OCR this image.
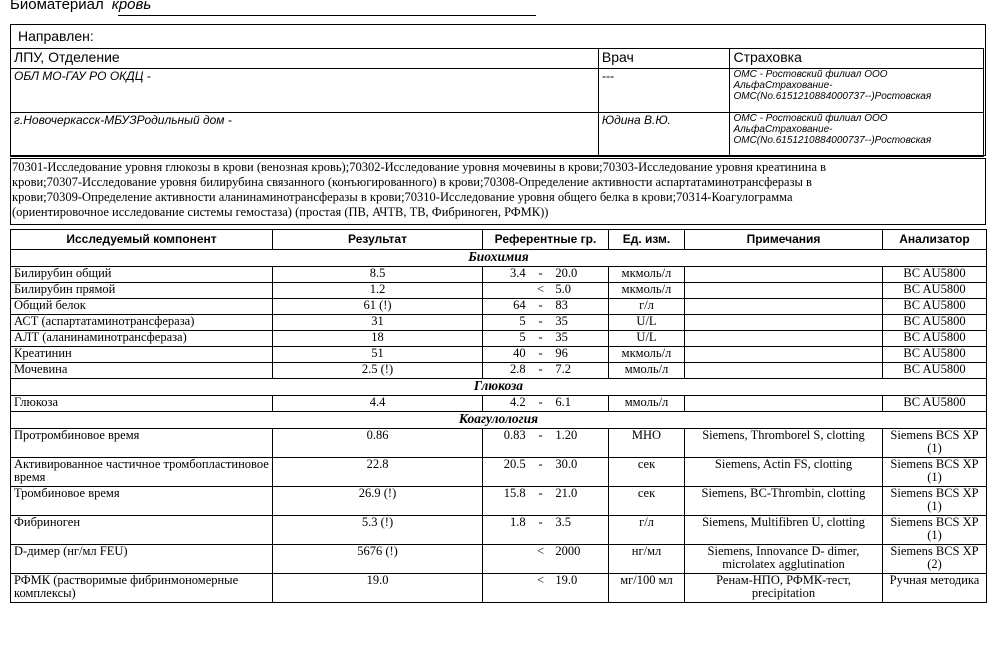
Биоматериал кровь
Направлен:
ЛПУ, Отделение	Врач	Страховка
ОБЛ МО-ГАУ РО ОКДЦ -	---	ОМС - Ростовский филиал ООО
АльфаСтрахование-
ОМС(No.6151210884000737--)Ростовская

г.Новочеркасск-МБУЗРодильный дом -	Юдина В.Ю.	ОМС - Ростовский филиал ООО
АльфаСтрахование-
ОМС(No.6151210884000737--)Ростовская
70301-Исследование уровня глюкозы в крови (венозная кровь);70302-Исследование уровня мочевины в крови;70303-Исследование уровня креатинина в
крови;70307-Исследование уровня билирубина связанного (конъюгированного) в крови;70308-Определение активности аспартатаминотрансферазы в
крови;70309-Определение активности аланинаминотрансферазы в крови;70310-Исследование уровня общего белка в крови;70314-Коагулограмма
(ориентировочное исследование системы гемостаза) (простая (ПВ, АЧТВ, ТВ, Фибриноген, РФМК))
Исследуемый компонент	Результат	Референтные гр.	Ед. изм.	Примечания	Анализатор
Биохимия					
Билирубин общий	8.5	3.4 - 20.0	мкмоль/л		BC AU5800
Билирубин прямой	1.2	< 5.0	мкмоль/л		BC AU5800
Общий белок	61 (!)	64 - 83	г/л		BC AU5800
АСТ (аспартатаминотрансфераза)	31	5 - 35	U/L		BC AU5800
АЛТ (аланинаминотрансфераза)	18	5 - 35	U/L		BC AU5800
Креатинин	51	40 - 96	мкмоль/л		BC AU5800
Мочевина	2.5 (!)	2.8 - 7.2	ммоль/л		BC AU5800
Глюкоза					
Глюкоза	4.4	4.2 - 6.1	ммоль/л		BC AU5800
Коагулология					
Протромбиновое время	0.86	0.83 - 1.20	МНО	Siemens, Thromborel S, clotting	Siemens BCS XP (1)
Активированное частичное тромбопластиновое время	22.8	20.5 - 30.0	сек	Siemens, Actin FS, clotting	Siemens BCS XP (1)
Тромбиновое время	26.9 (!)	15.8 - 21.0	сек	Siemens, BC-Thrombin, clotting	Siemens BCS XP (1)
Фибриноген	5.3 (!)	1.8 - 3.5	г/л	Siemens, Multifibren U, clotting	Siemens BCS XP (1)
D-димер (нг/мл FEU)	5676 (!)	< 2000	нг/мл	Siemens, Innovance D- dimer, microlatex agglutination	Siemens BCS XP (2)
РФМК (растворимые фибринмономерные комплексы)	19.0	< 19.0	мг/100 мл	Ренам-НПО, РФМК-тест, precipitation	Ручная методика
